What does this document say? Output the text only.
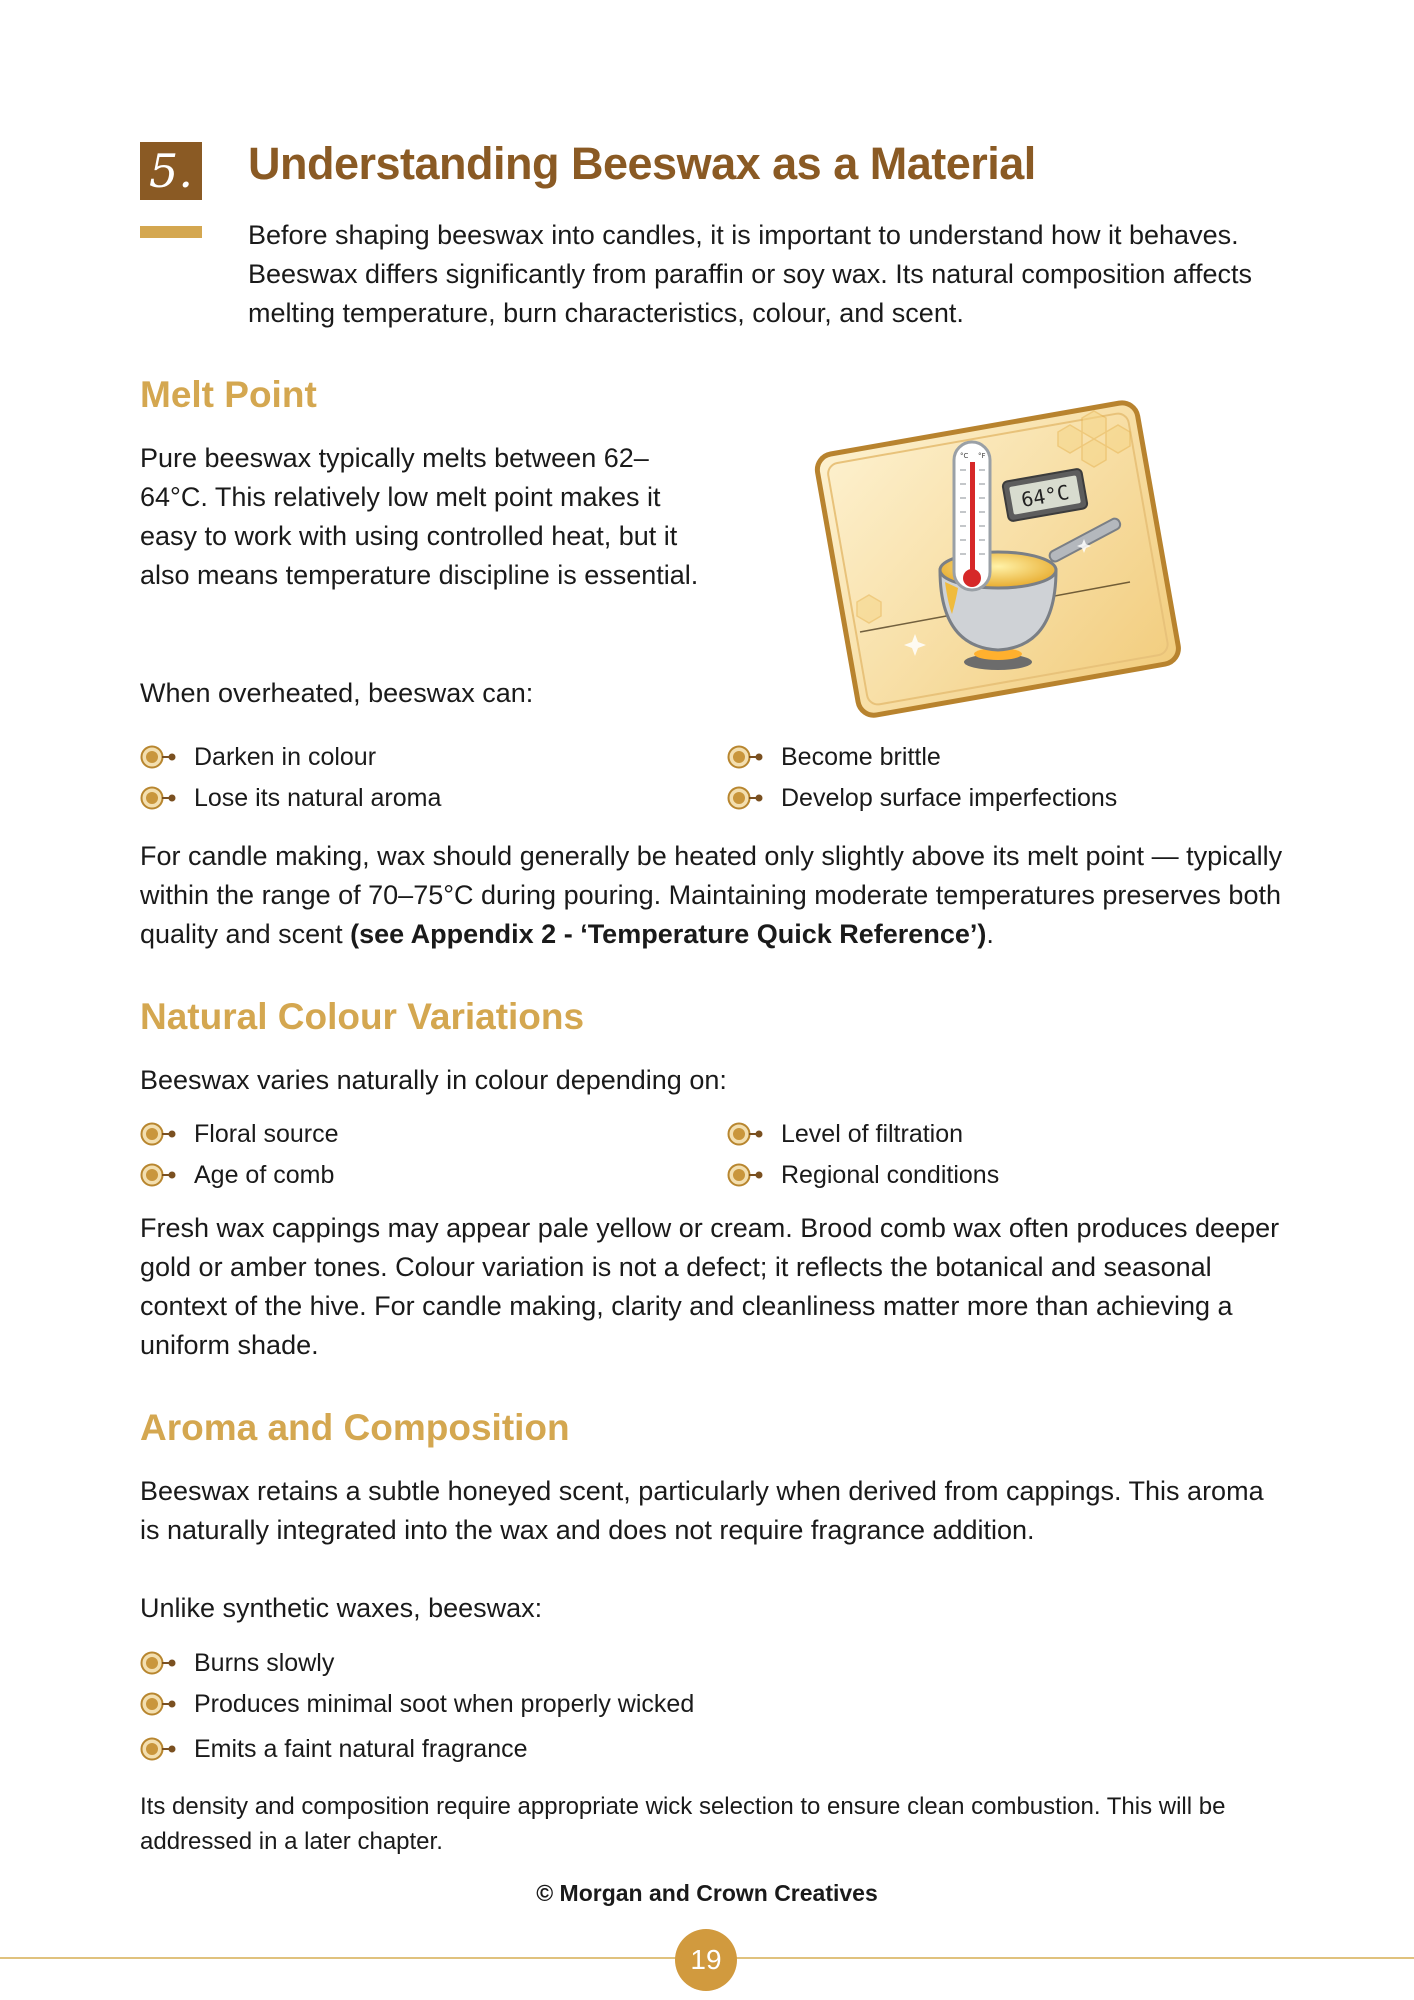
5. Understanding Beeswax as a Material

Before shaping beeswax into candles, it is important to understand how it behaves. Beeswax differs significantly from paraffin or soy wax. Its natural composition affects melting temperature, burn characteristics, colour, and scent.

Melt Point

Pure beeswax typically melts between 62–64°C. This relatively low melt point makes it easy to work with using controlled heat, but it also means temperature discipline is essential.

When overheated, beeswax can:

°C °F
64°C
Darken in colour
Lose its natural aroma
Become brittle
Develop surface imperfections

For candle making, wax should generally be heated only slightly above its melt point — typically within the range of 70–75°C during pouring. Maintaining moderate temperatures preserves both quality and scent (see Appendix 2 - ‘Temperature Quick Reference’).

Natural Colour Variations

Beeswax varies naturally in colour depending on:

Floral source
Age of comb
Level of filtration
Regional conditions

Fresh wax cappings may appear pale yellow or cream. Brood comb wax often produces deeper gold or amber tones. Colour variation is not a defect; it reflects the botanical and seasonal context of the hive. For candle making, clarity and cleanliness matter more than achieving a uniform shade.

Aroma and Composition

Beeswax retains a subtle honeyed scent, particularly when derived from cappings. This aroma is naturally integrated into the wax and does not require fragrance addition.

Unlike synthetic waxes, beeswax:

Burns slowly
Produces minimal soot when properly wicked
Emits a faint natural fragrance

Its density and composition require appropriate wick selection to ensure clean combustion. This will be addressed in a later chapter.

© Morgan and Crown Creatives
19
